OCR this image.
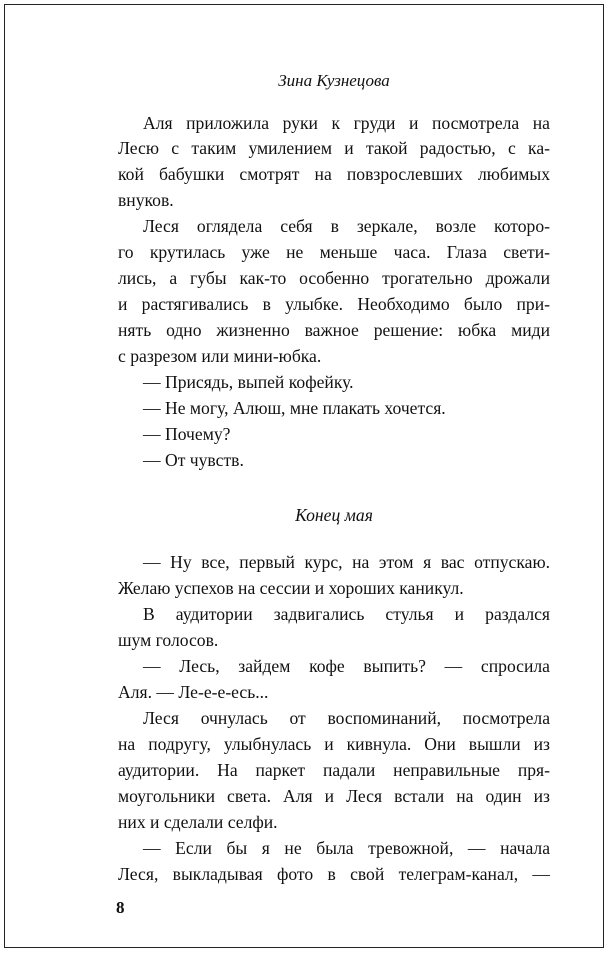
Зина Кузнецова
Аля приложила руки к груди и посмотрела на
Лесю с таким умилением и такой радостью, с ка-
кой бабушки смотрят на повзрослевших любимых
внуков.
Леся оглядела себя в зеркале, возле которо-
го крутилась уже не меньше часа. Глаза свети-
лись, а губы как-то особенно трогательно дрожали
и растягивались в улыбке. Необходимо было при-
нять одно жизненно важное решение: юбка миди
с разрезом или мини-юбка.
— Присядь, выпей кофейку.
— Не могу, Алюш, мне плакать хочется.
— Почему?
— От чувств.
— Ну все, первый курс, на этом я вас отпускаю.
Желаю успехов на сессии и хороших каникул.
В аудитории задвигались стулья и раздался
шум голосов.
— Лесь, зайдем кофе выпить? — спросила
Аля. — Ле-е-е-есь...
Леся очнулась от воспоминаний, посмотрела
на подругу, улыбнулась и кивнула. Они вышли из
аудитории. На паркет падали неправильные пря-
моугольники света. Аля и Леся встали на один из
них и сделали селфи.
— Если бы я не была тревожной, — начала
Леся, выкладывая фото в свой телеграм-канал, —
Конец мая
8
